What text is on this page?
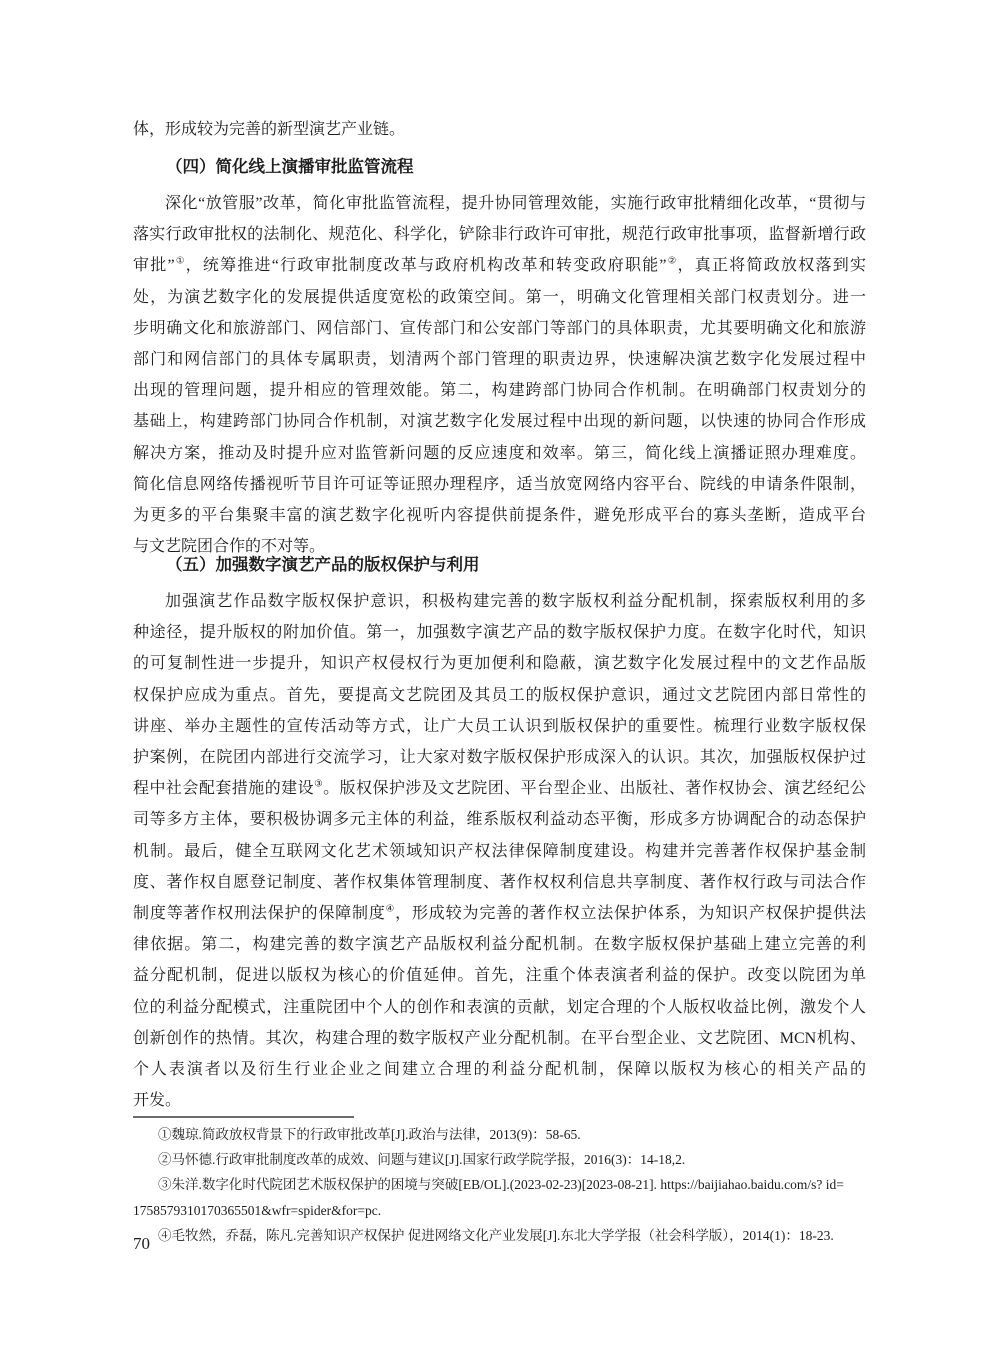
体，形成较为完善的新型演艺产业链。
（四）简化线上演播审批监管流程
深化“放管服”改革，简化审批监管流程，提升协同管理效能，实施行政审批精细化改革，“贯彻与
落实行政审批权的法制化、规范化、科学化，铲除非行政许可审批，规范行政审批事项，监督新增行政
审批”①，统筹推进“行政审批制度改革与政府机构改革和转变政府职能”②，真正将简政放权落到实
处，为演艺数字化的发展提供适度宽松的政策空间。第一，明确文化管理相关部门权责划分。进一
步明确文化和旅游部门、网信部门、宣传部门和公安部门等部门的具体职责，尤其要明确文化和旅游
部门和网信部门的具体专属职责，划清两个部门管理的职责边界，快速解决演艺数字化发展过程中
出现的管理问题，提升相应的管理效能。第二，构建跨部门协同合作机制。在明确部门权责划分的
基础上，构建跨部门协同合作机制，对演艺数字化发展过程中出现的新问题，以快速的协同合作形成
解决方案，推动及时提升应对监管新问题的反应速度和效率。第三，简化线上演播证照办理难度。
简化信息网络传播视听节目许可证等证照办理程序，适当放宽网络内容平台、院线的申请条件限制，
为更多的平台集聚丰富的演艺数字化视听内容提供前提条件，避免形成平台的寡头垄断，造成平台
与文艺院团合作的不对等。
（五）加强数字演艺产品的版权保护与利用
加强演艺作品数字版权保护意识，积极构建完善的数字版权利益分配机制，探索版权利用的多
种途径，提升版权的附加价值。第一，加强数字演艺产品的数字版权保护力度。在数字化时代，知识
的可复制性进一步提升，知识产权侵权行为更加便利和隐蔽，演艺数字化发展过程中的文艺作品版
权保护应成为重点。首先，要提高文艺院团及其员工的版权保护意识，通过文艺院团内部日常性的
讲座、举办主题性的宣传活动等方式，让广大员工认识到版权保护的重要性。梳理行业数字版权保
护案例，在院团内部进行交流学习，让大家对数字版权保护形成深入的认识。其次，加强版权保护过
程中社会配套措施的建设③。版权保护涉及文艺院团、平台型企业、出版社、著作权协会、演艺经纪公
司等多方主体，要积极协调多元主体的利益，维系版权利益动态平衡，形成多方协调配合的动态保护
机制。最后，健全互联网文化艺术领域知识产权法律保障制度建设。构建并完善著作权保护基金制
度、著作权自愿登记制度、著作权集体管理制度、著作权权利信息共享制度、著作权行政与司法合作
制度等著作权刑法保护的保障制度④，形成较为完善的著作权立法保护体系，为知识产权保护提供法
律依据。第二，构建完善的数字演艺产品版权利益分配机制。在数字版权保护基础上建立完善的利
益分配机制，促进以版权为核心的价值延伸。首先，注重个体表演者利益的保护。改变以院团为单
位的利益分配模式，注重院团中个人的创作和表演的贡献，划定合理的个人版权收益比例，激发个人
创新创作的热情。其次，构建合理的数字版权产业分配机制。在平台型企业、文艺院团、MCN机构、
个人表演者以及衍生行业企业之间建立合理的利益分配机制，保障以版权为核心的相关产品的
开发。
①魏琼.简政放权背景下的行政审批改革[J].政治与法律，2013(9)：58-65.
②马怀德.行政审批制度改革的成效、问题与建议[J].国家行政学院学报，2016(3)：14-18,2.
③朱洋.数字化时代院团艺术版权保护的困境与突破[EB/OL].(2023-02-23)[2023-08-21]. https://baijiahao.baidu.com/s? id=
1758579310170365501&wfr=spider&for=pc.
④毛牧然，乔磊，陈凡.完善知识产权保护 促进网络文化产业发展[J].东北大学学报（社会科学版），2014(1)：18-23.
70
